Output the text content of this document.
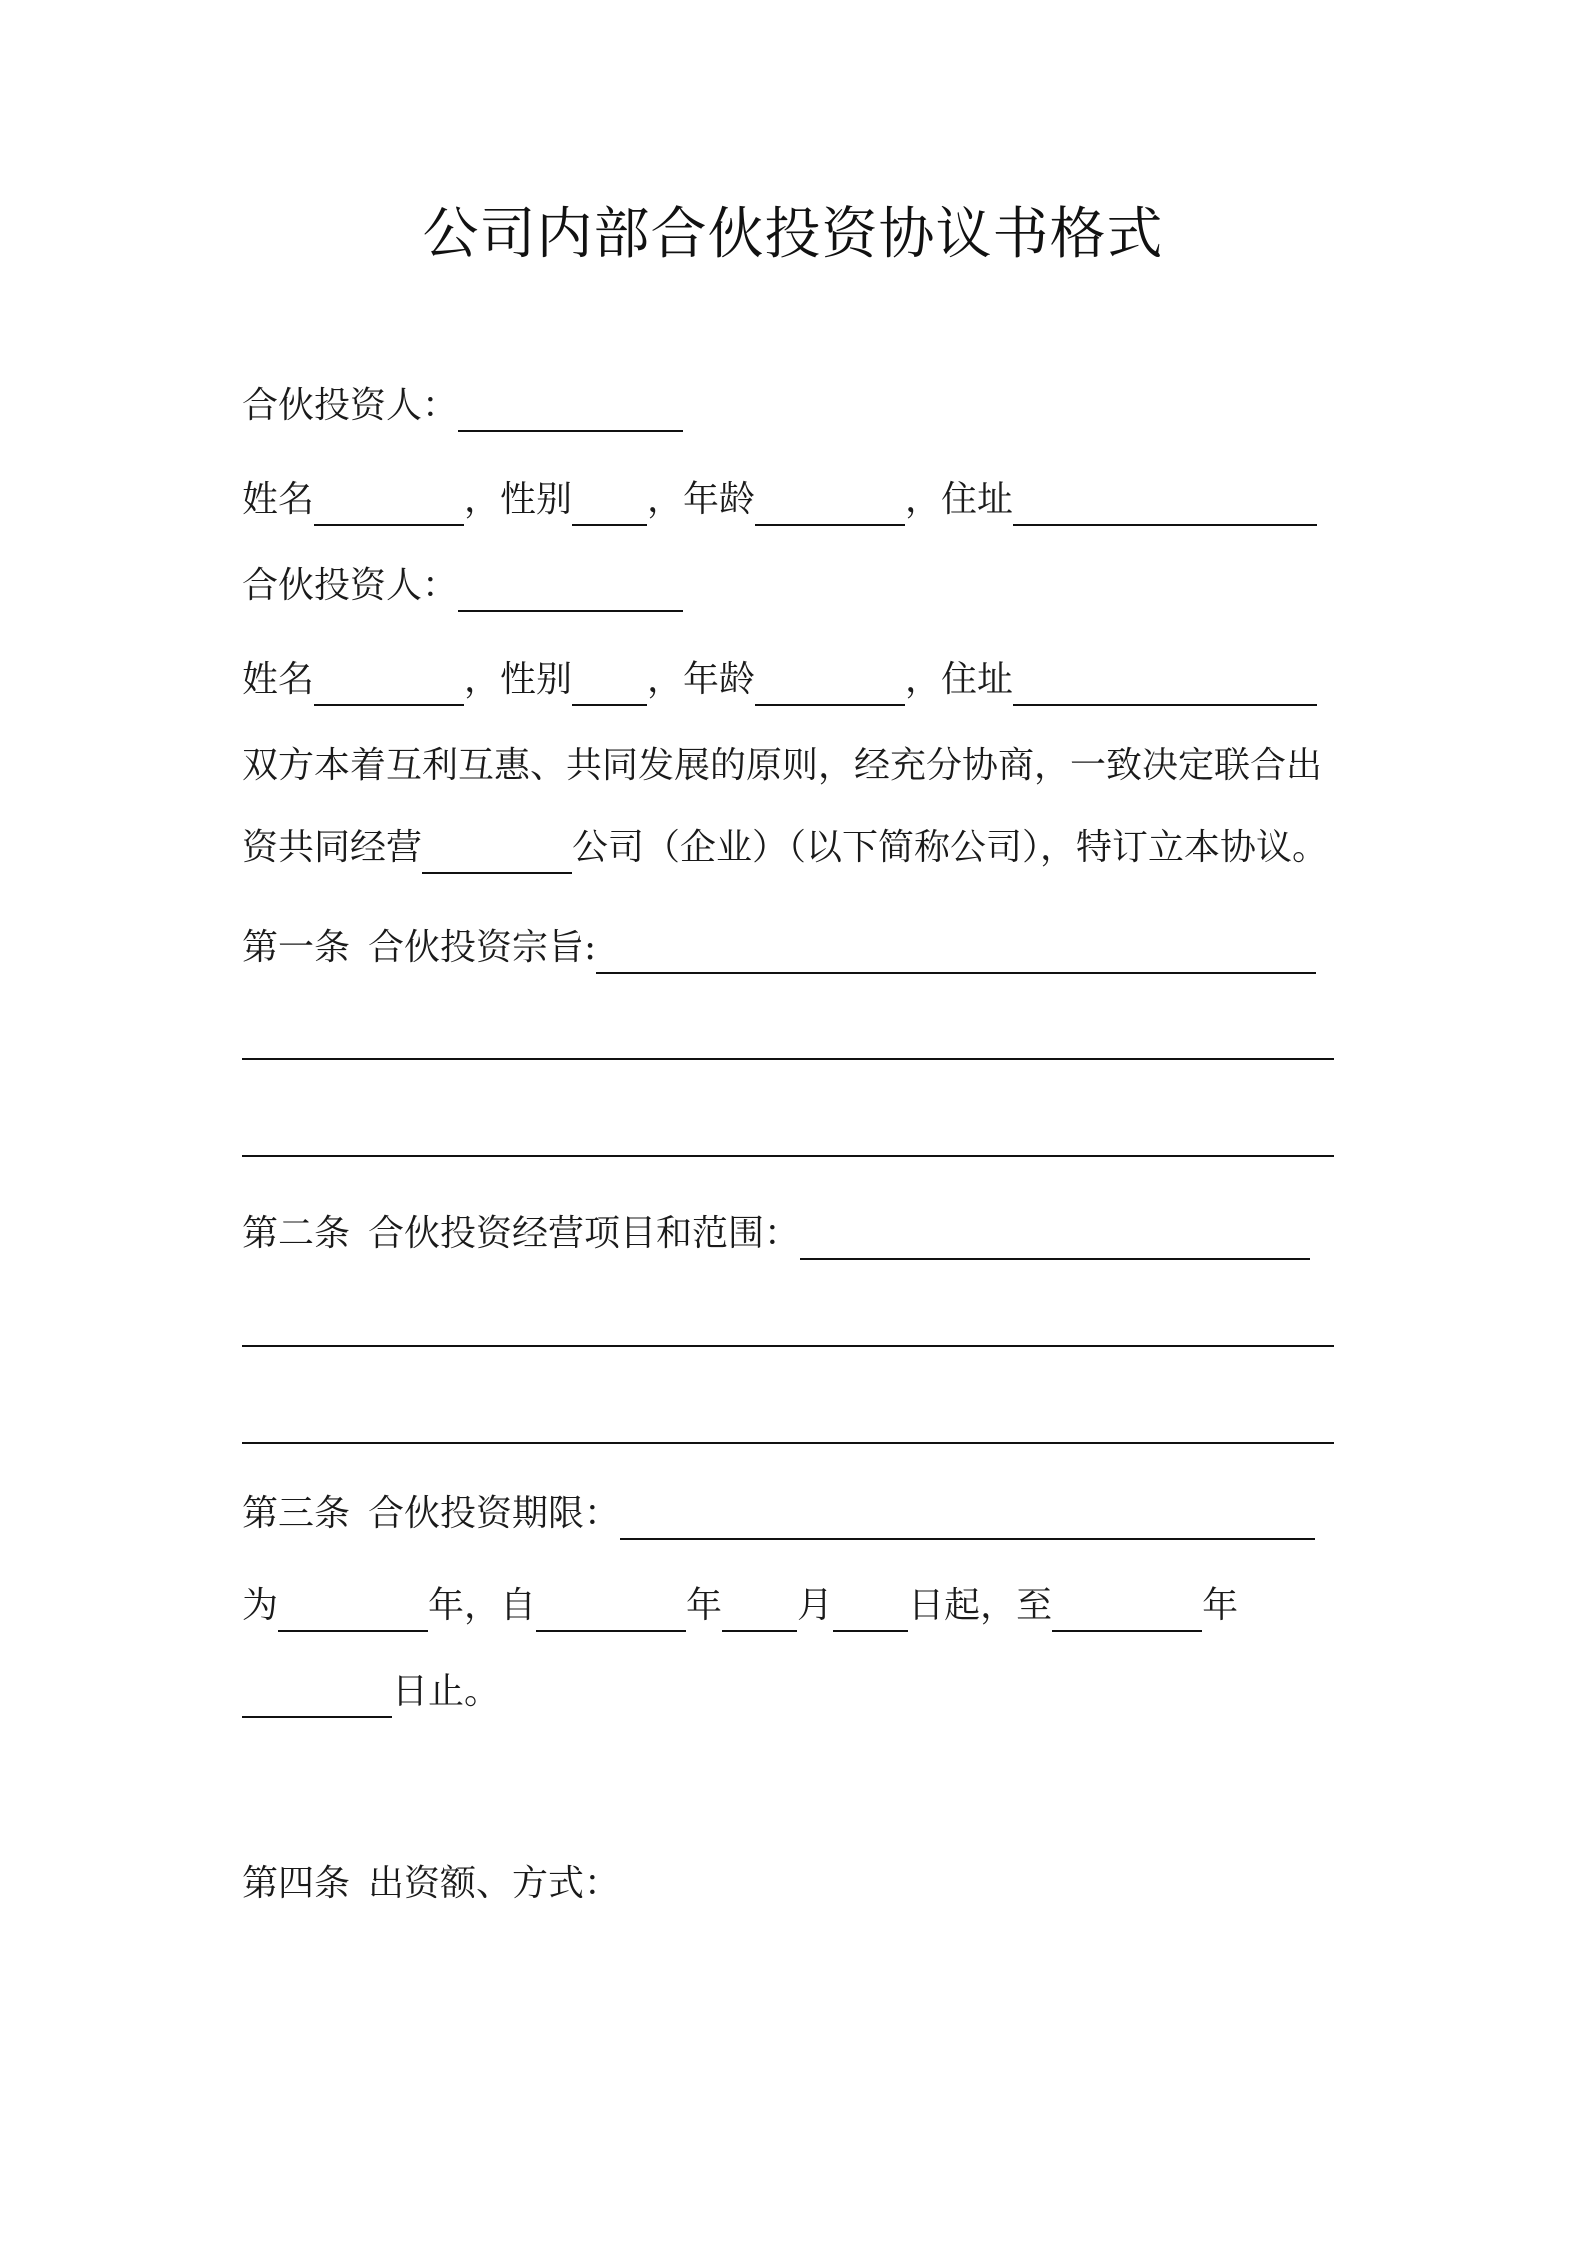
公司内部合伙投资协议书格式
合伙投资人：
姓名	，性别 ，年龄	，住址
合伙投资人：
姓名	，性别 ，年龄	，住址
双方本着互利互惠、共同发展的原则，经充分协商，一致决定联合出
资共同经营	公司（企业）（以下简称公司），特订立本协议。
第一条 合伙投资宗旨:
第二条 合伙投资经营项目和范围：
第三条 合伙投资期限：
为	年，自	年 月 日起，至	年
日止。
第四条 出资额、方式：
